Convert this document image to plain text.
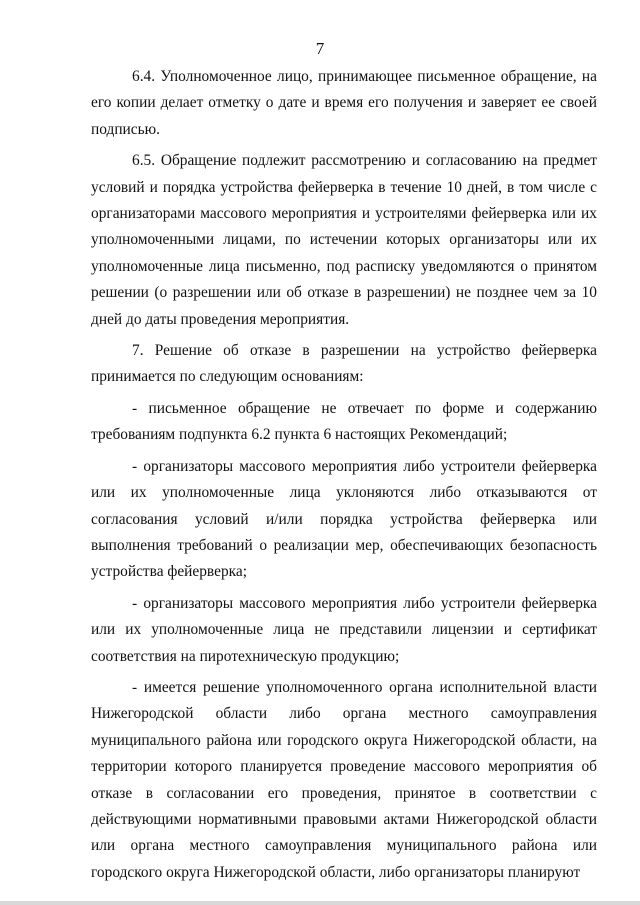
7

6.4. Уполномоченное лицо, принимающее письменное обращение, на его копии делает отметку о дате и время его получения и заверяет ее своей подписью.

6.5. Обращение подлежит рассмотрению и согласованию на предмет условий и порядка устройства фейерверка в течение 10 дней, в том числе с организаторами массового мероприятия и устроителями фейерверка или их уполномоченными лицами, по истечении которых организаторы или их уполномоченные лица письменно, под расписку уведомляются о принятом решении (о разрешении или об отказе в разрешении) не позднее чем за 10 дней до даты проведения мероприятия.

7. Решение об отказе в разрешении на устройство фейерверка принимается по следующим основаниям:

- письменное обращение не отвечает по форме и содержанию требованиям подпункта 6.2 пункта 6 настоящих Рекомендаций;

- организаторы массового мероприятия либо устроители фейерверка или их уполномоченные лица уклоняются либо отказываются от согласования условий и/или порядка устройства фейерверка или выполнения требований о реализации мер, обеспечивающих безопасность устройства фейерверка;

- организаторы массового мероприятия либо устроители фейерверка или их уполномоченные лица не представили лицензии и сертификат соответствия на пиротехническую продукцию;

- имеется решение уполномоченного органа исполнительной власти Нижегородской области либо органа местного самоуправления муниципального района или городского округа Нижегородской области, на территории которого планируется проведение массового мероприятия об отказе в согласовании его проведения, принятое в соответствии с действующими нормативными правовыми актами Нижегородской области или органа местного самоуправления муниципального района или городского округа Нижегородской области, либо организаторы планируют
